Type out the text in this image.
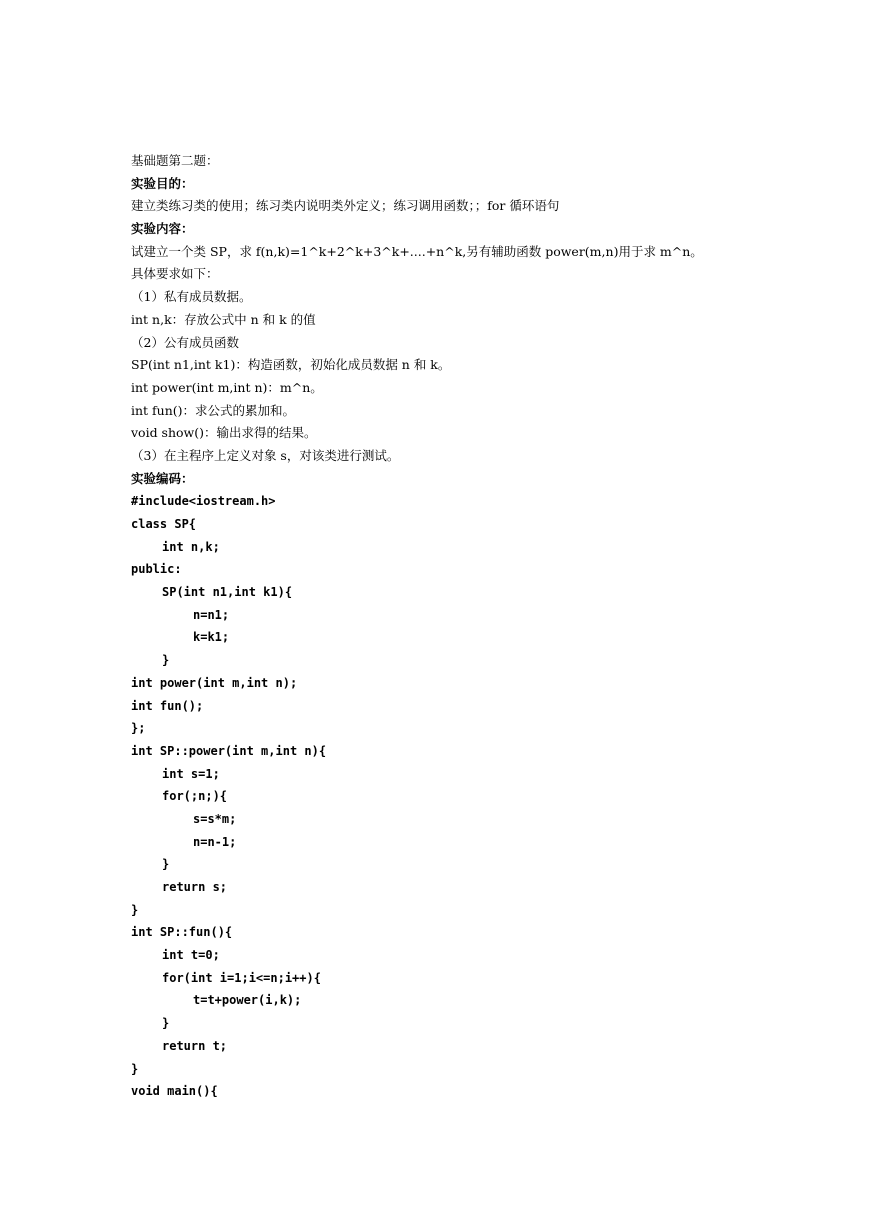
基础题第二题：
实验目的：
建立类练习类的使用；练习类内说明类外定义；练习调用函数；；for 循环语句
实验内容：
试建立一个类 SP，求 f(n,k)=1^k+2^k+3^k+....+n^k,另有辅助函数 power(m,n)用于求 m^n。
具体要求如下：
（1）私有成员数据。
int n,k：存放公式中 n 和 k 的值
（2）公有成员函数
SP(int n1,int k1)：构造函数，初始化成员数据 n 和 k。
int power(int m,int n)：m^n。
int fun()：求公式的累加和。
void show()：输出求得的结果。
（3）在主程序上定义对象 s，对该类进行测试。
实验编码：
#include<iostream.h>
class SP{
int n,k;
public:
SP(int n1,int k1){
n=n1;
k=k1;
}
int power(int m,int n);
int fun();
};
int SP::power(int m,int n){
int s=1;
for(;n;){
s=s*m;
n=n-1;
}
return s;
}
int SP::fun(){
int t=0;
for(int i=1;i<=n;i++){
t=t+power(i,k);
}
return t;
}
void main(){
